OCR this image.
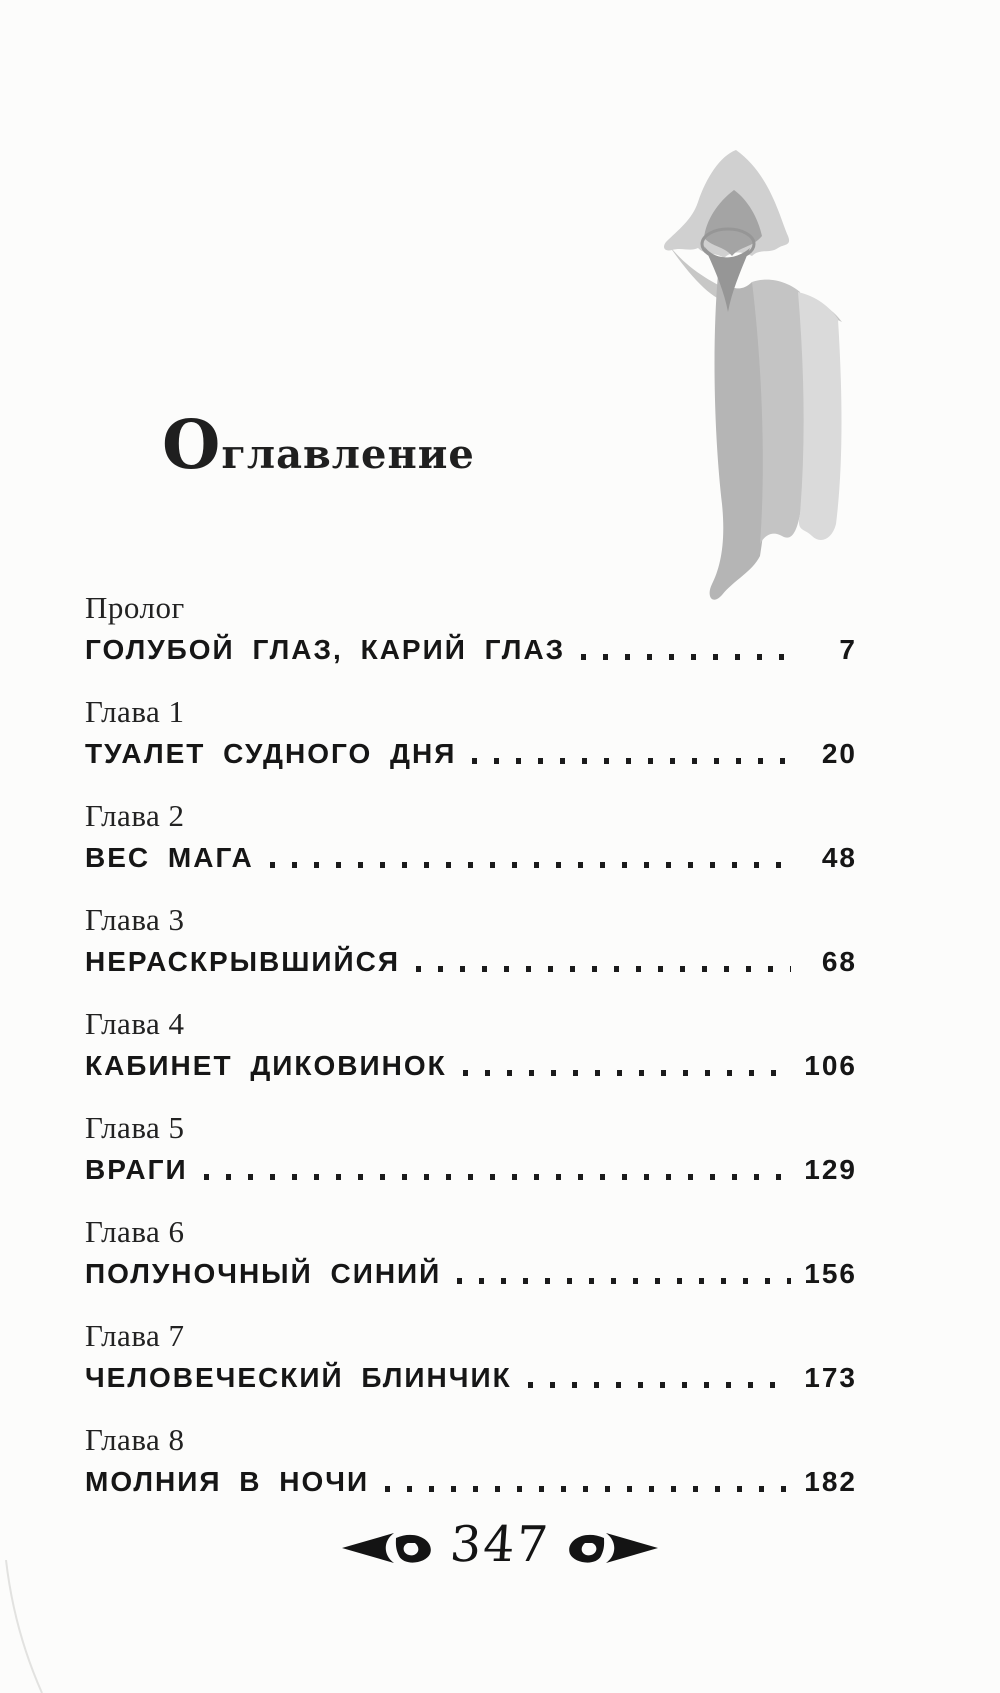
Оглавление
Пролог
ГОЛУБОЙ ГЛАЗ, КАРИЙ ГЛАЗ	7
Глава 1
ТУАЛЕТ СУДНОГО ДНЯ	20
Глава 2
ВЕС МАГА	48
Глава 3
НЕРАСКРЫВШИЙСЯ	68
Глава 4
КАБИНЕТ ДИКОВИНОК	106
Глава 5
ВРАГИ	129
Глава 6
ПОЛУНОЧНЫЙ СИНИЙ	156
Глава 7
ЧЕЛОВЕЧЕСКИЙ БЛИНЧИК	173
Глава 8
МОЛНИЯ В НОЧИ	182
347
